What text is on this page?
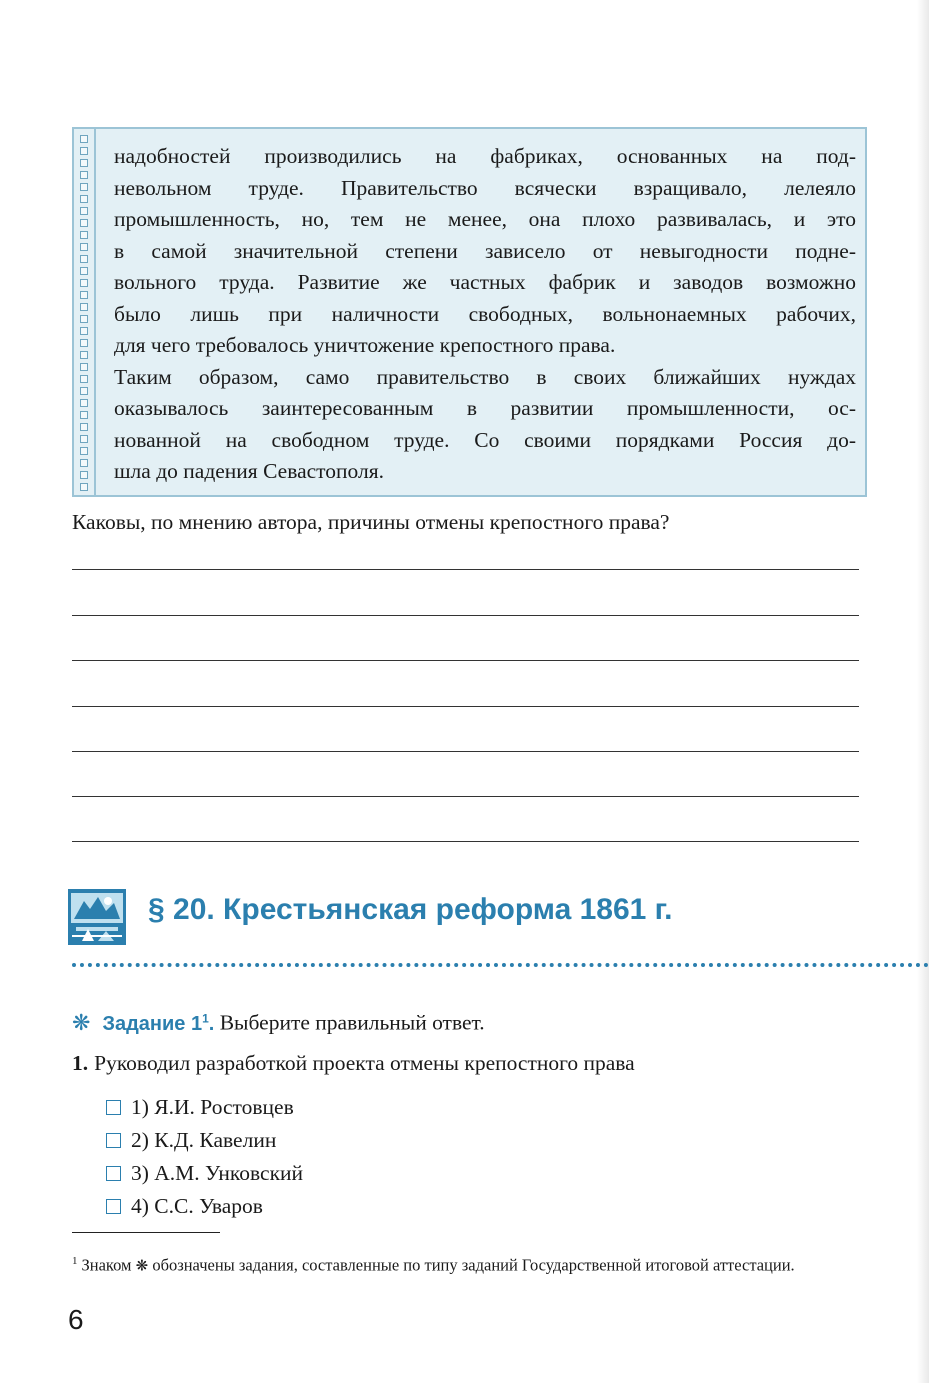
надобностей производились на фабриках, основанных на под-
невольном труде. Правительство всячески взращивало, лелеяло
промышленность, но, тем не менее, она плохо развивалась, и это
в самой значительной степени зависело от невыгодности подне-
вольного труда. Развитие же частных фабрик и заводов возможно
было лишь при наличности свободных, вольнонаемных рабочих,
для чего требовалось уничтожение крепостного права.
Таким образом, само правительство в своих ближайших нуждах
оказывалось заинтересованным в развитии промышленности, ос-
нованной на свободном труде. Со своими порядками Россия до-
шла до падения Севастополя.
Каковы, по мнению автора, причины отмены крепостного права?
§ 20. Крестьянская реформа 1861 г.
❋ Задание $1^1$. Выберите правильный ответ.
1. Руководил разработкой проекта отмены крепостного права
1) Я.И. Ростовцев
2) К.Д. Кавелин
3) А.М. Унковский
4) С.С. Уваров
$^1$ Знаком ❋ обозначены задания, составленные по типу заданий Государственной итоговой аттестации.
6
